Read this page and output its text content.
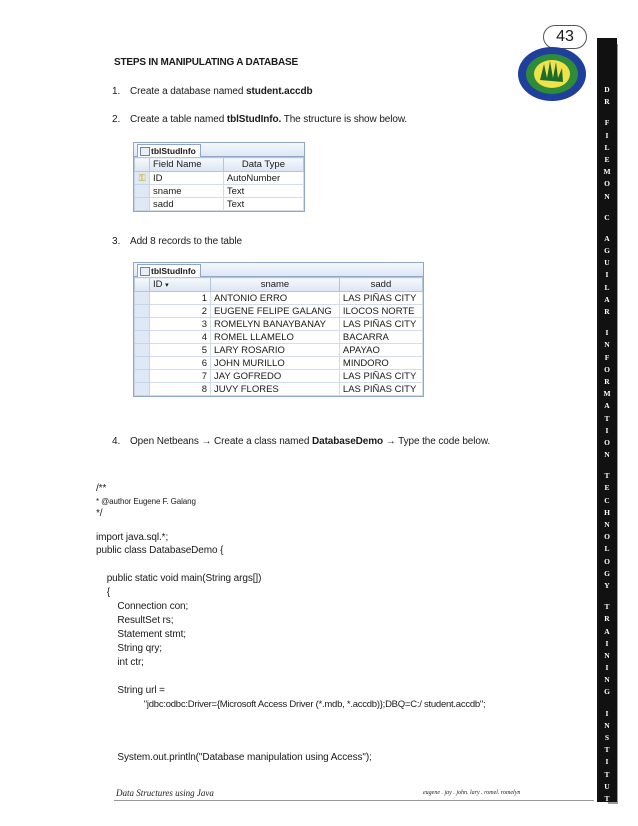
43
D
R
F
I
L
E
M
O
N
C
A
G
U
I
L
A
R
I
N
F
O
R
M
A
T
I
O
N
T
E
C
H
N
O
L
O
G
Y
T
R
A
I
N
I
N
G
I
N
S
T
I
T
U
T
E
STEPS IN MANIPULATING A DATABASE
1. Create a database named student.accdb
2. Create a table named tblStudInfo. The structure is show below.
tblStudInfo
	Field Name	Data Type
⚿	ID	AutoNumber
	sname	Text
	sadd	Text
3. Add 8 records to the table
tblStudInfo
	ID ▾	sname	sadd
	1	ANTONIO ERRO	LAS PIÑAS CITY
	2	EUGENE FELIPE GALANG	ILOCOS NORTE
	3	ROMELYN BANAYBANAY	LAS PIÑAS CITY
	4	ROMEL LLAMELO	BACARRA
	5	LARY ROSARIO	APAYAO
	6	JOHN MURILLO	MINDORO
	7	JAY GOFREDO	LAS PIÑAS CITY
	8	JUVY FLORES	LAS PIÑAS CITY
4. Open Netbeans → Create a class named DatabaseDemo → Type the code below.
/**
* @author Eugene F. Galang
*/
import java.sql.*;
public class DatabaseDemo {
public static void main(String args[])
{
Connection con;
ResultSet rs;
Statement stmt;
String qry;
int ctr;
String url =
"jdbc:odbc:Driver={Microsoft Access Driver (*.mdb, *.accdb)};DBQ=C:/ student.accdb";
System.out.println("Database manipulation using Access");
Data Structures using Java	eugene . jay . john. lary . romel. romelyn
